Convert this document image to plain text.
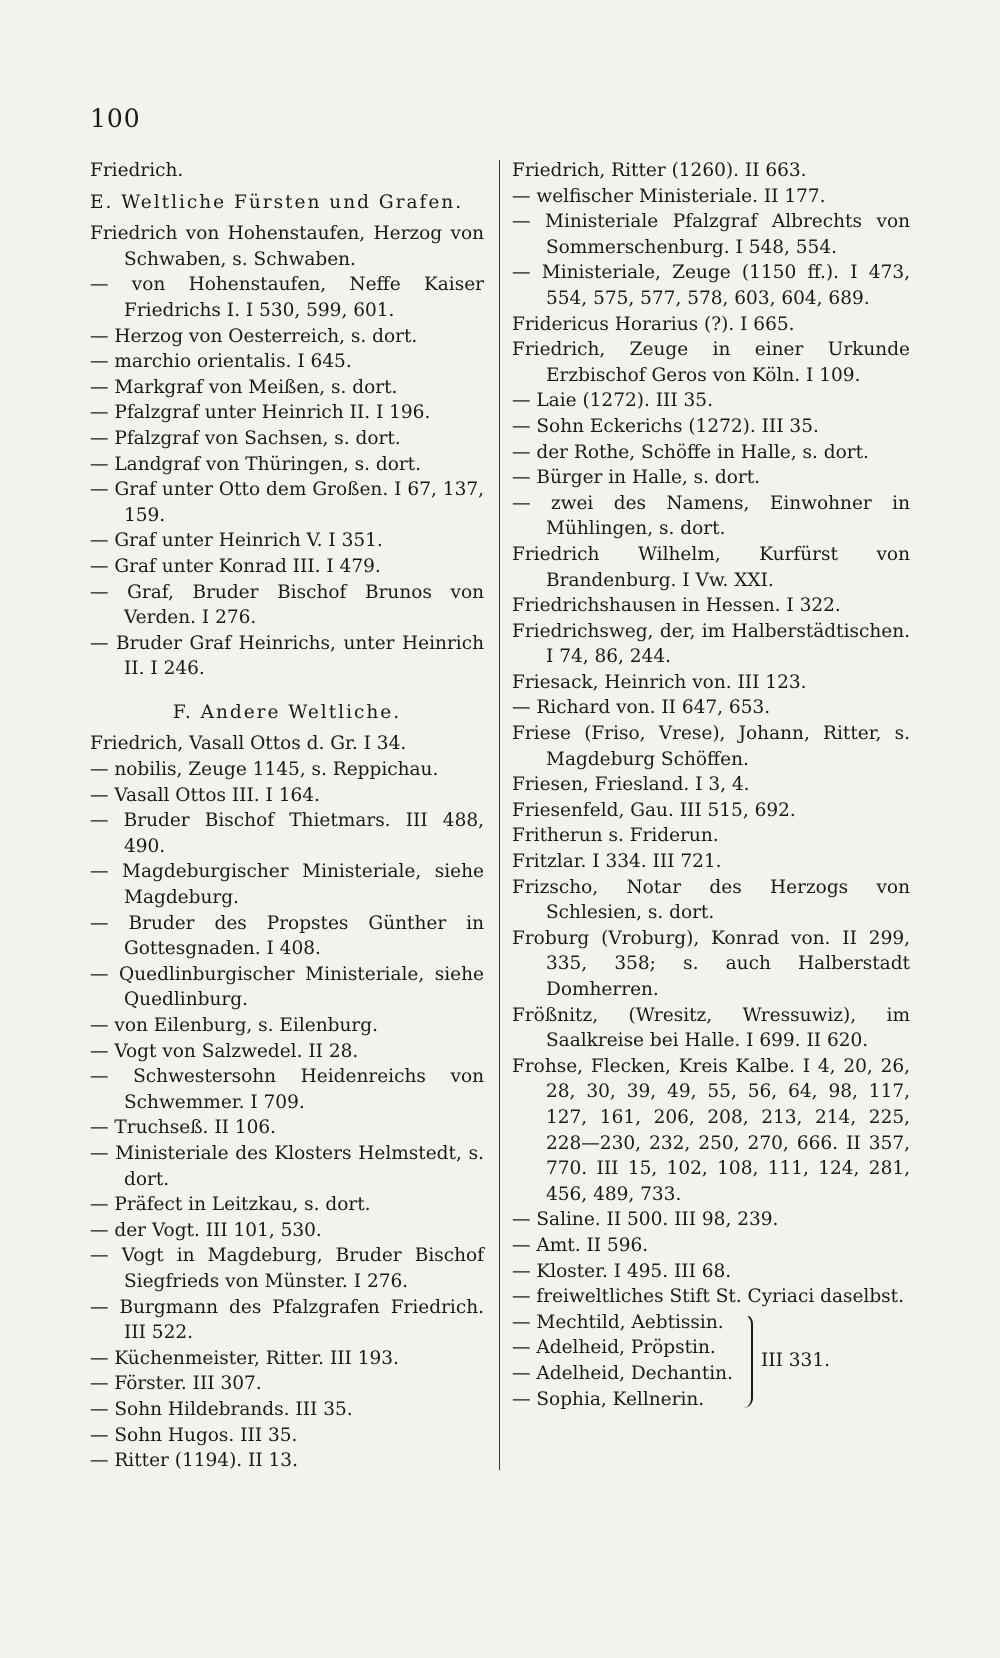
100
Friedrich.
E. Weltliche Fürsten und Grafen.
Friedrich von Hohenstaufen, Herzog von Schwaben, s. Schwaben.
— von Hohenstaufen, Neffe Kaiser Friedrichs I. I 530, 599, 601.
— Herzog von Oesterreich, s. dort.
— marchio orientalis. I 645.
— Markgraf von Meißen, s. dort.
— Pfalzgraf unter Heinrich II. I 196.
— Pfalzgraf von Sachsen, s. dort.
— Landgraf von Thüringen, s. dort.
— Graf unter Otto dem Großen. I 67, 137, 159.
— Graf unter Heinrich V. I 351.
— Graf unter Konrad III. I 479.
— Graf, Bruder Bischof Brunos von Verden. I 276.
— Bruder Graf Heinrichs, unter Heinrich II. I 246.
F. Andere Weltliche.
Friedrich, Vasall Ottos d. Gr. I 34.
— nobilis, Zeuge 1145, s. Reppichau.
— Vasall Ottos III. I 164.
— Bruder Bischof Thietmars. III 488, 490.
— Magdeburgischer Ministeriale, siehe Magdeburg.
— Bruder des Propstes Günther in Gottesgnaden. I 408.
— Quedlinburgischer Ministeriale, siehe Quedlinburg.
— von Eilenburg, s. Eilenburg.
— Vogt von Salzwedel. II 28.
— Schwestersohn Heidenreichs von Schwemmer. I 709.
— Truchseß. II 106.
— Ministeriale des Klosters Helmstedt, s. dort.
— Präfect in Leitzkau, s. dort.
— der Vogt. III 101, 530.
— Vogt in Magdeburg, Bruder Bischof Siegfrieds von Münster. I 276.
— Burgmann des Pfalzgrafen Friedrich. III 522.
— Küchenmeister, Ritter. III 193.
— Förster. III 307.
— Sohn Hildebrands. III 35.
— Sohn Hugos. III 35.
— Ritter (1194). II 13.
Friedrich, Ritter (1260). II 663.
— welfischer Ministeriale. II 177.
— Ministeriale Pfalzgraf Albrechts von Sommerschenburg. I 548, 554.
— Ministeriale, Zeuge (1150 ff.). I 473, 554, 575, 577, 578, 603, 604, 689.
Fridericus Horarius (?). I 665.
Friedrich, Zeuge in einer Urkunde Erzbischof Geros von Köln. I 109.
— Laie (1272). III 35.
— Sohn Eckerichs (1272). III 35.
— der Rothe, Schöffe in Halle, s. dort.
— Bürger in Halle, s. dort.
— zwei des Namens, Einwohner in Mühlingen, s. dort.
Friedrich Wilhelm, Kurfürst von Brandenburg. I Vw. XXI.
Friedrichshausen in Hessen. I 322.
Friedrichsweg, der, im Halberstädtischen. I 74, 86, 244.
Friesack, Heinrich von. III 123.
— Richard von. II 647, 653.
Friese (Friso, Vrese), Johann, Ritter, s. Magdeburg Schöffen.
Friesen, Friesland. I 3, 4.
Friesenfeld, Gau. III 515, 692.
Fritherun s. Friderun.
Fritzlar. I 334. III 721.
Frizscho, Notar des Herzogs von Schlesien, s. dort.
Froburg (Vroburg), Konrad von. II 299, 335, 358; s. auch Halberstadt Domherren.
Frößnitz, (Wresitz, Wressuwiz), im Saalkreise bei Halle. I 699. II 620.
Frohse, Flecken, Kreis Kalbe. I 4, 20, 26, 28, 30, 39, 49, 55, 56, 64, 98, 117, 127, 161, 206, 208, 213, 214, 225, 228—230, 232, 250, 270, 666. II 357, 770. III 15, 102, 108, 111, 124, 281, 456, 489, 733.
— Saline. II 500. III 98, 239.
— Amt. II 596.
— Kloster. I 495. III 68.
— freiweltliches Stift St. Cyriaci daselbst.
— Mechtild, Aebtissin.
— Adelheid, Pröpstin.
— Adelheid, Dechantin.
— Sophia, Kellnerin.
III 331.
